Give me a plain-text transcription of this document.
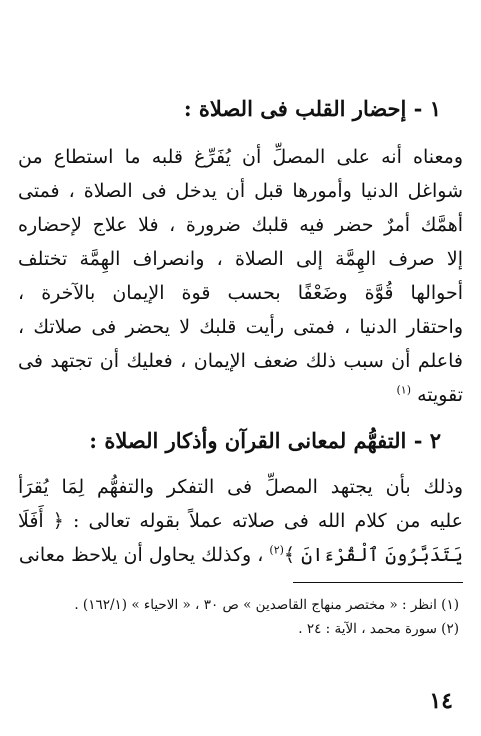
١ - إحضار القلب فى الصلاة :
ومعناه أنه على المصلِّ أن يُفَرِّغ قلبه ما استطاع من
شواغل الدنيا وأمورها قبل أن يدخل فى الصلاة ، فمتى
أهمَّك أمرٌ حضر فيه قلبك ضرورة ، فلا علاج لإحضاره
إلا صرف الهِمَّة إلى الصلاة ، وانصراف الهِمَّة تختلف
أحوالها قُوَّة وضَعْفًا بحسب قوة الإيمان بالآخرة ،
واحتقار الدنيا ، فمتى رأيت قلبك لا يحضر فى صلاتك ،
فاعلم أن سبب ذلك ضعف الإيمان ، فعليك أن تجتهد فى
تقويته $^{(١)}$
٢ - التفهُّم لمعانى القرآن وأذكار الصلاة :
وذلك بأن يجتهد المصلِّ فى التفكر والتفهُّم لِمَا يُقرَأ
عليه من كلام الله فى صلاته عملاً بقوله تعالى : ﴿ أَفَلَا
يَتَدَبَّرُونَ ٱلْقُرْءَانَ ﴾$^{(٢)}$ ، وكذلك يحاول أن يلاحظ معانى
(١) انظر : « مختصر منهاج القاصدين » ص ٣٠ ، « الاحياء » (١٦٢/١) .
(٢) سورة محمد ، الآية : ٢٤ .
١٤
